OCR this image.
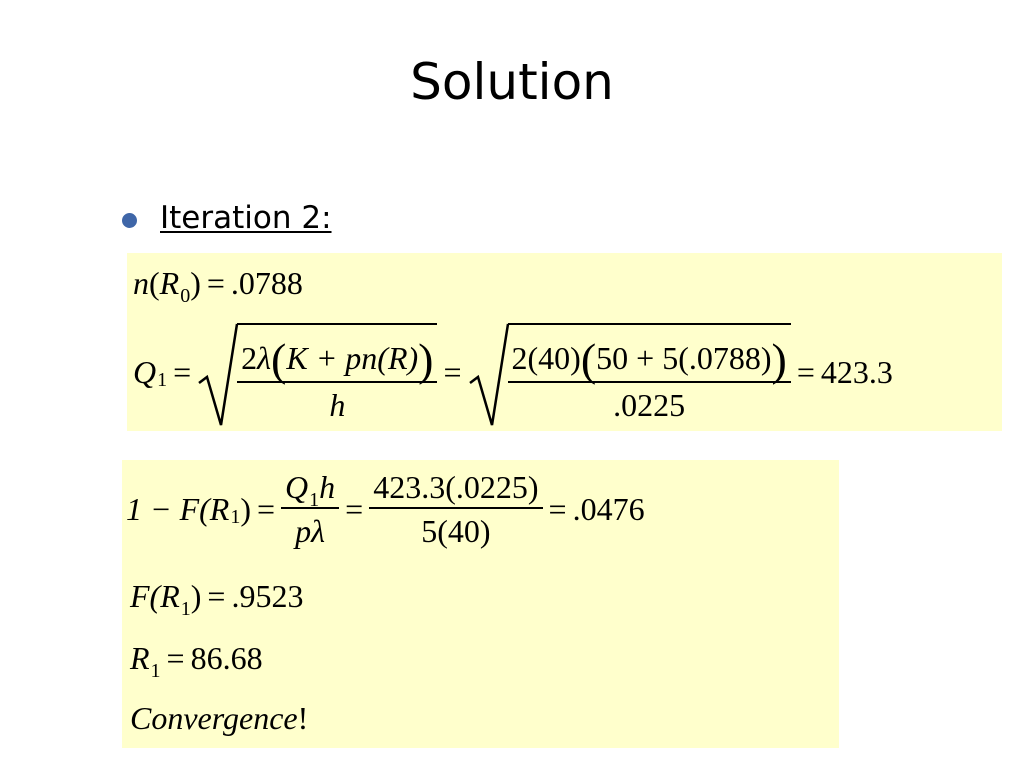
Solution
Iteration 2:
$n(R_0) = .0788$
Q $1 = \frac{2\lambda(K + pn(R))}{h} = \frac{2(40)(50 + 5(.0788))}{.0225} = 423.3$
1 − F(R 1 ) = $\frac{Q_1h}{p\lambda} = \frac{423.3(.0225)}{5(40)} = .0476$
$F(R_1) = .9523$
$R_1 = 86.68$
Convergence!
